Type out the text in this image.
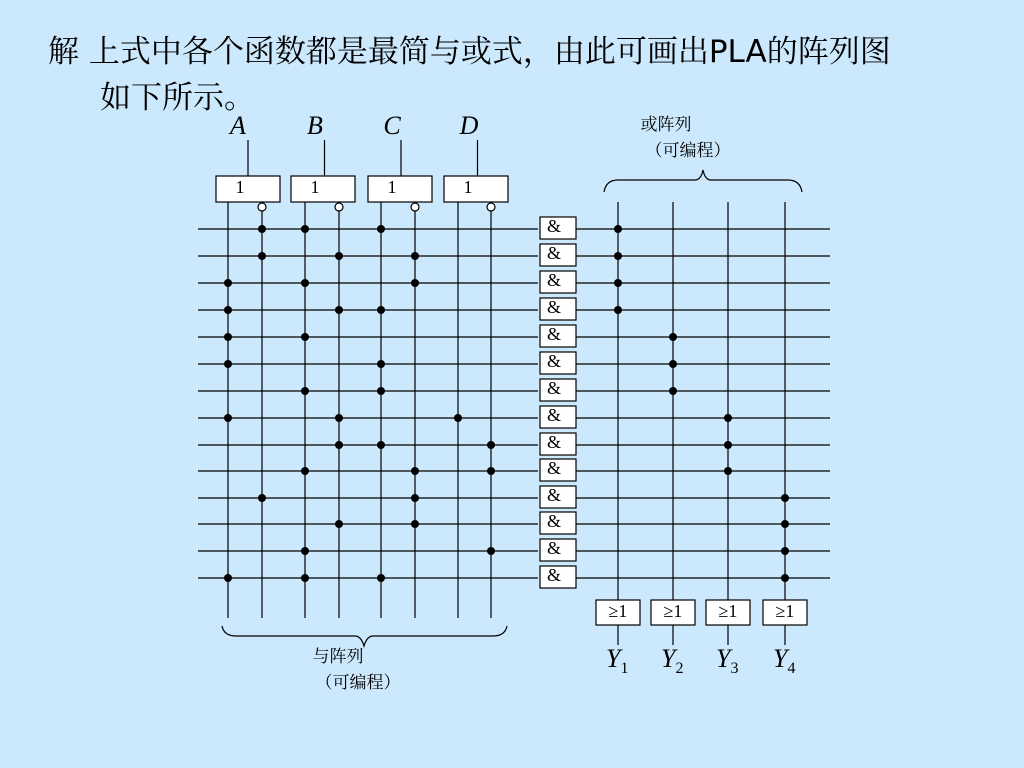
解 上式中各个函数都是最简与或式，由此可画出PLA的阵列图
如下所示。
A
1
B
1
C
1
D
1
&
&
&
&
&
&
&
&
&
&
&
&
&
&
≥1
$Y_1$
≥1
$Y_2$
≥1
$Y_3$
≥1
$Y_4$
或阵列
（可编程）
与阵列
（可编程）
